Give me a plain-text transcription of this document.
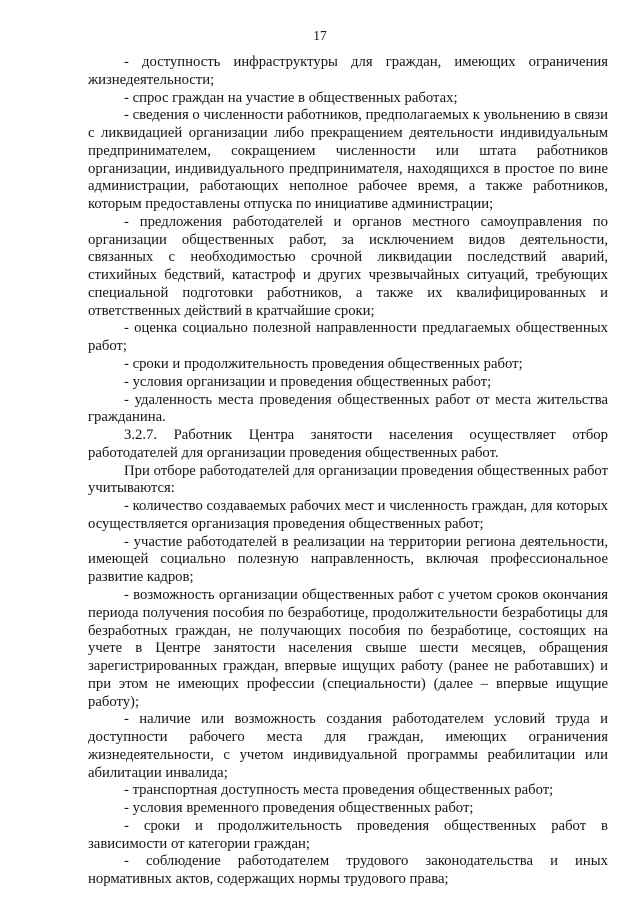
17

- доступность инфраструктуры для граждан, имеющих ограничения жизнедеятельности;

- спрос граждан на участие в общественных работах;

- сведения о численности работников, предполагаемых к увольнению в связи с ликвидацией организации либо прекращением деятельности индивидуальным предпринимателем, сокращением численности или штата работников организации, индивидуального предпринимателя, находящихся в простое по вине администрации, работающих неполное рабочее время, а также работников, которым предоставлены отпуска по инициативе администрации;

- предложения работодателей и органов местного самоуправления по организации общественных работ, за исключением видов деятельности, связанных с необходимостью срочной ликвидации последствий аварий, стихийных бедствий, катастроф и других чрезвычайных ситуаций, требующих специальной подготовки работников, а также их квалифицированных и ответственных действий в кратчайшие сроки;

- оценка социально полезной направленности предлагаемых общественных работ;

- сроки и продолжительность проведения общественных работ;

- условия организации и проведения общественных работ;

- удаленность места проведения общественных работ от места жительства гражданина.

3.2.7. Работник Центра занятости населения осуществляет отбор работодателей для организации проведения общественных работ.

При отборе работодателей для организации проведения общественных работ учитываются:

- количество создаваемых рабочих мест и численность граждан, для которых осуществляется организация проведения общественных работ;

- участие работодателей в реализации на территории региона деятельности, имеющей социально полезную направленность, включая профессиональное развитие кадров;

- возможность организации общественных работ с учетом сроков окончания периода получения пособия по безработице, продолжительности безработицы для безработных граждан, не получающих пособия по безработице, состоящих на учете в Центре занятости населения свыше шести месяцев, обращения зарегистрированных граждан, впервые ищущих работу (ранее не работавших) и при этом не имеющих профессии (специальности) (далее – впервые ищущие работу);

- наличие или возможность создания работодателем условий труда и доступности рабочего места для граждан, имеющих ограничения жизнедеятельности, с учетом индивидуальной программы реабилитации или абилитации инвалида;

- транспортная доступность места проведения общественных работ;

- условия временного проведения общественных работ;

- сроки и продолжительность проведения общественных работ в зависимости от категории граждан;

- соблюдение работодателем трудового законодательства и иных нормативных актов, содержащих нормы трудового права;
